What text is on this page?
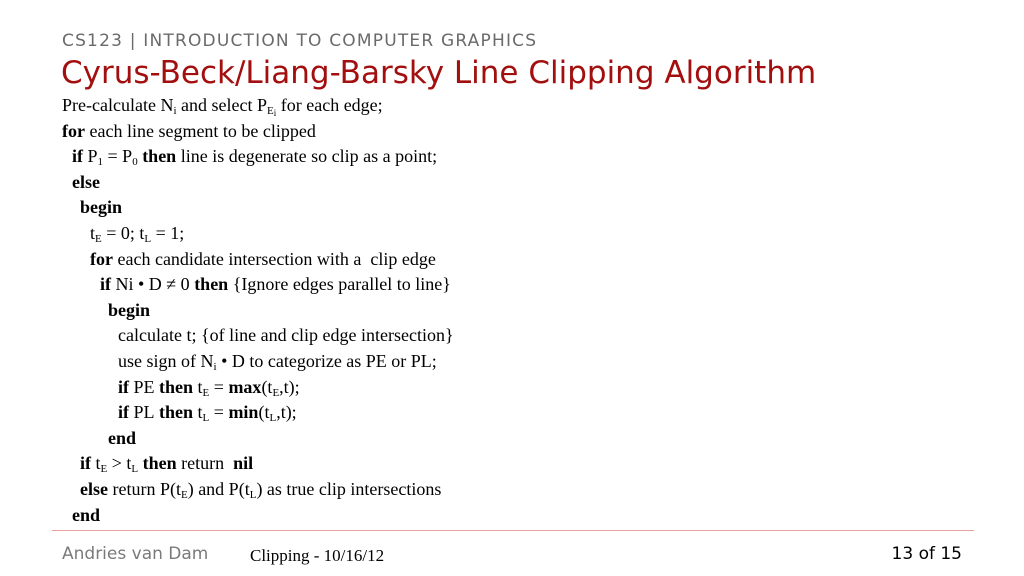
CS123 | INTRODUCTION TO COMPUTER GRAPHICS
Cyrus-Beck/Liang-Barsky Line Clipping Algorithm
Pre-calculate $N_i$ and select $P_{E_i}$ for each edge;
for each line segment to be clipped
if $P_1 = P_0$ then line is degenerate so clip as a point;
else
begin
$t_E = 0$; $t_L = 1$;
for each candidate intersection with a  clip edge
if Ni • D ≠ 0 then {Ignore edges parallel to line}
begin
calculate t; {of line and clip edge intersection}
use sign of $N_i$ • D to categorize as PE or PL;
if PE then $t_E = \max(t_E,t)$;
if PL then $t_L = \min(t_L,t)$;
end
if $t_E > t_L$ then return  nil
else return $P(t_E)$ and $P(t_L)$ as true clip intersections
end
Andries van Dam Clipping - 10/16/12	13 of 15
